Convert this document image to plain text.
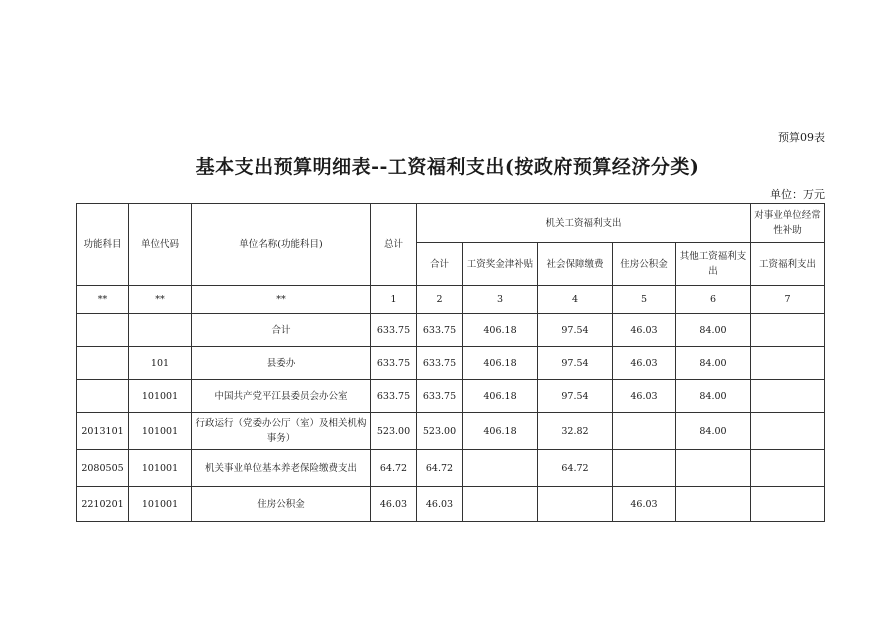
预算09表
基本支出预算明细表--工资福利支出(按政府预算经济分类)
单位：万元
功能科目	单位代码	单位名称(功能科目)	总计	机关工资福利支出					对事业单位经常性补助
				合计	工资奖金津补贴	社会保障缴费	住房公积金	其他工资福利支出	工资福利支出
**	**	**	1	2	3	4	5	6	7
		合计	633.75	633.75	406.18	97.54	46.03	84.00	
	101	县委办	633.75	633.75	406.18	97.54	46.03	84.00	
	101001	中国共产党平江县委员会办公室	633.75	633.75	406.18	97.54	46.03	84.00	
2013101	101001	行政运行（党委办公厅（室）及相关机构事务）	523.00	523.00	406.18	32.82		84.00	
2080505	101001	机关事业单位基本养老保险缴费支出	64.72	64.72		64.72			
2210201	101001	住房公积金	46.03	46.03			46.03		
